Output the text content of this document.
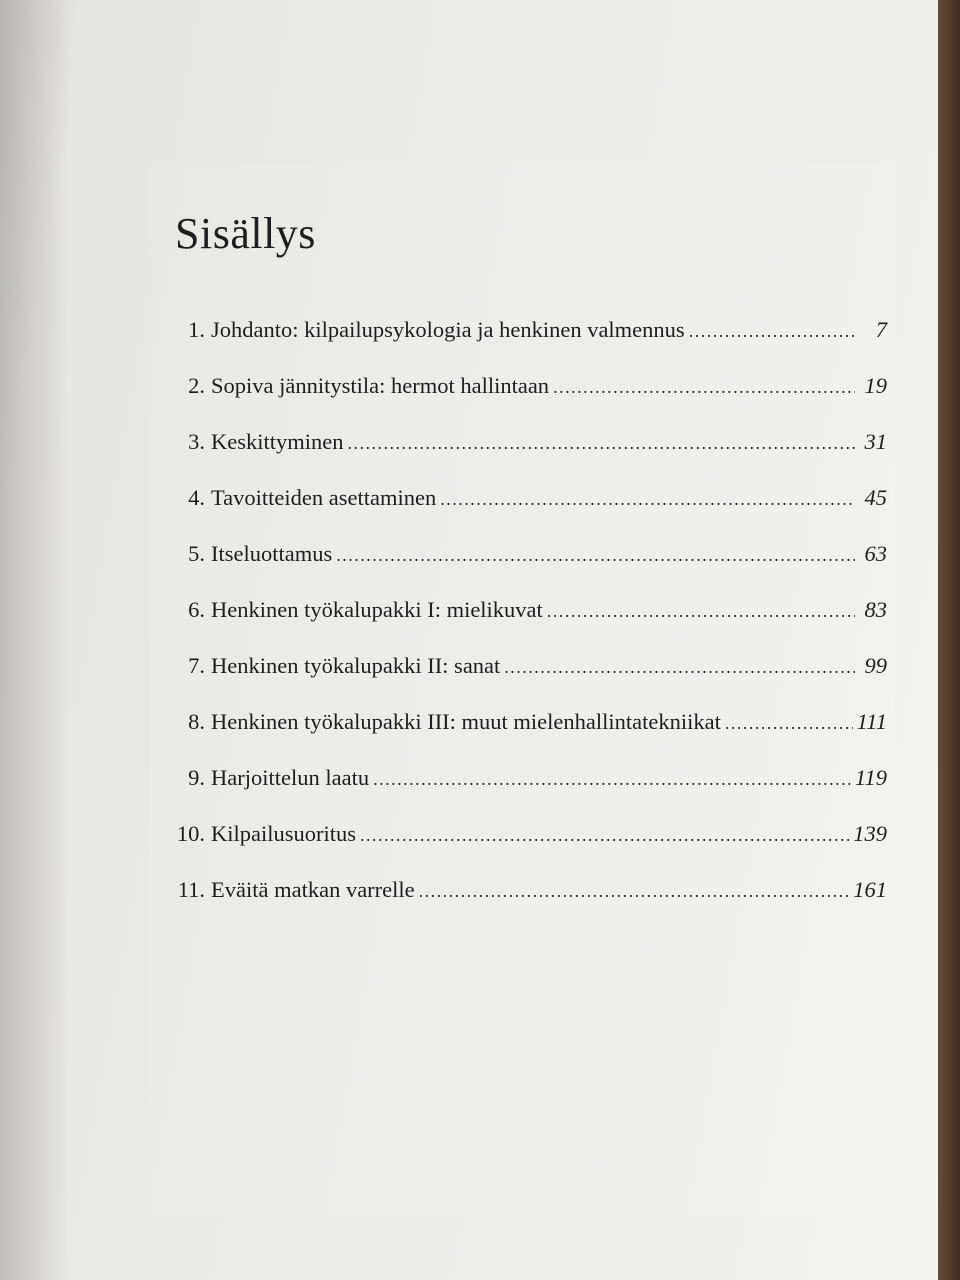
Sisällys
1. Johdanto: kilpailupsykologia ja henkinen valmennus .....	7
2. Sopiva jännitystila: hermot hallintaan .....	19
3. Keskittyminen .....	31
4. Tavoitteiden asettaminen .....	45
5. Itseluottamus .....	63
6. Henkinen työkalupakki I: mielikuvat .....	83
7. Henkinen työkalupakki II: sanat .....	99
8. Henkinen työkalupakki III: muut mielenhallintatekniikat .....	111
9. Harjoittelun laatu .....	119
10. Kilpailusuoritus .....	139
11. Eväitä matkan varrelle .....	161
